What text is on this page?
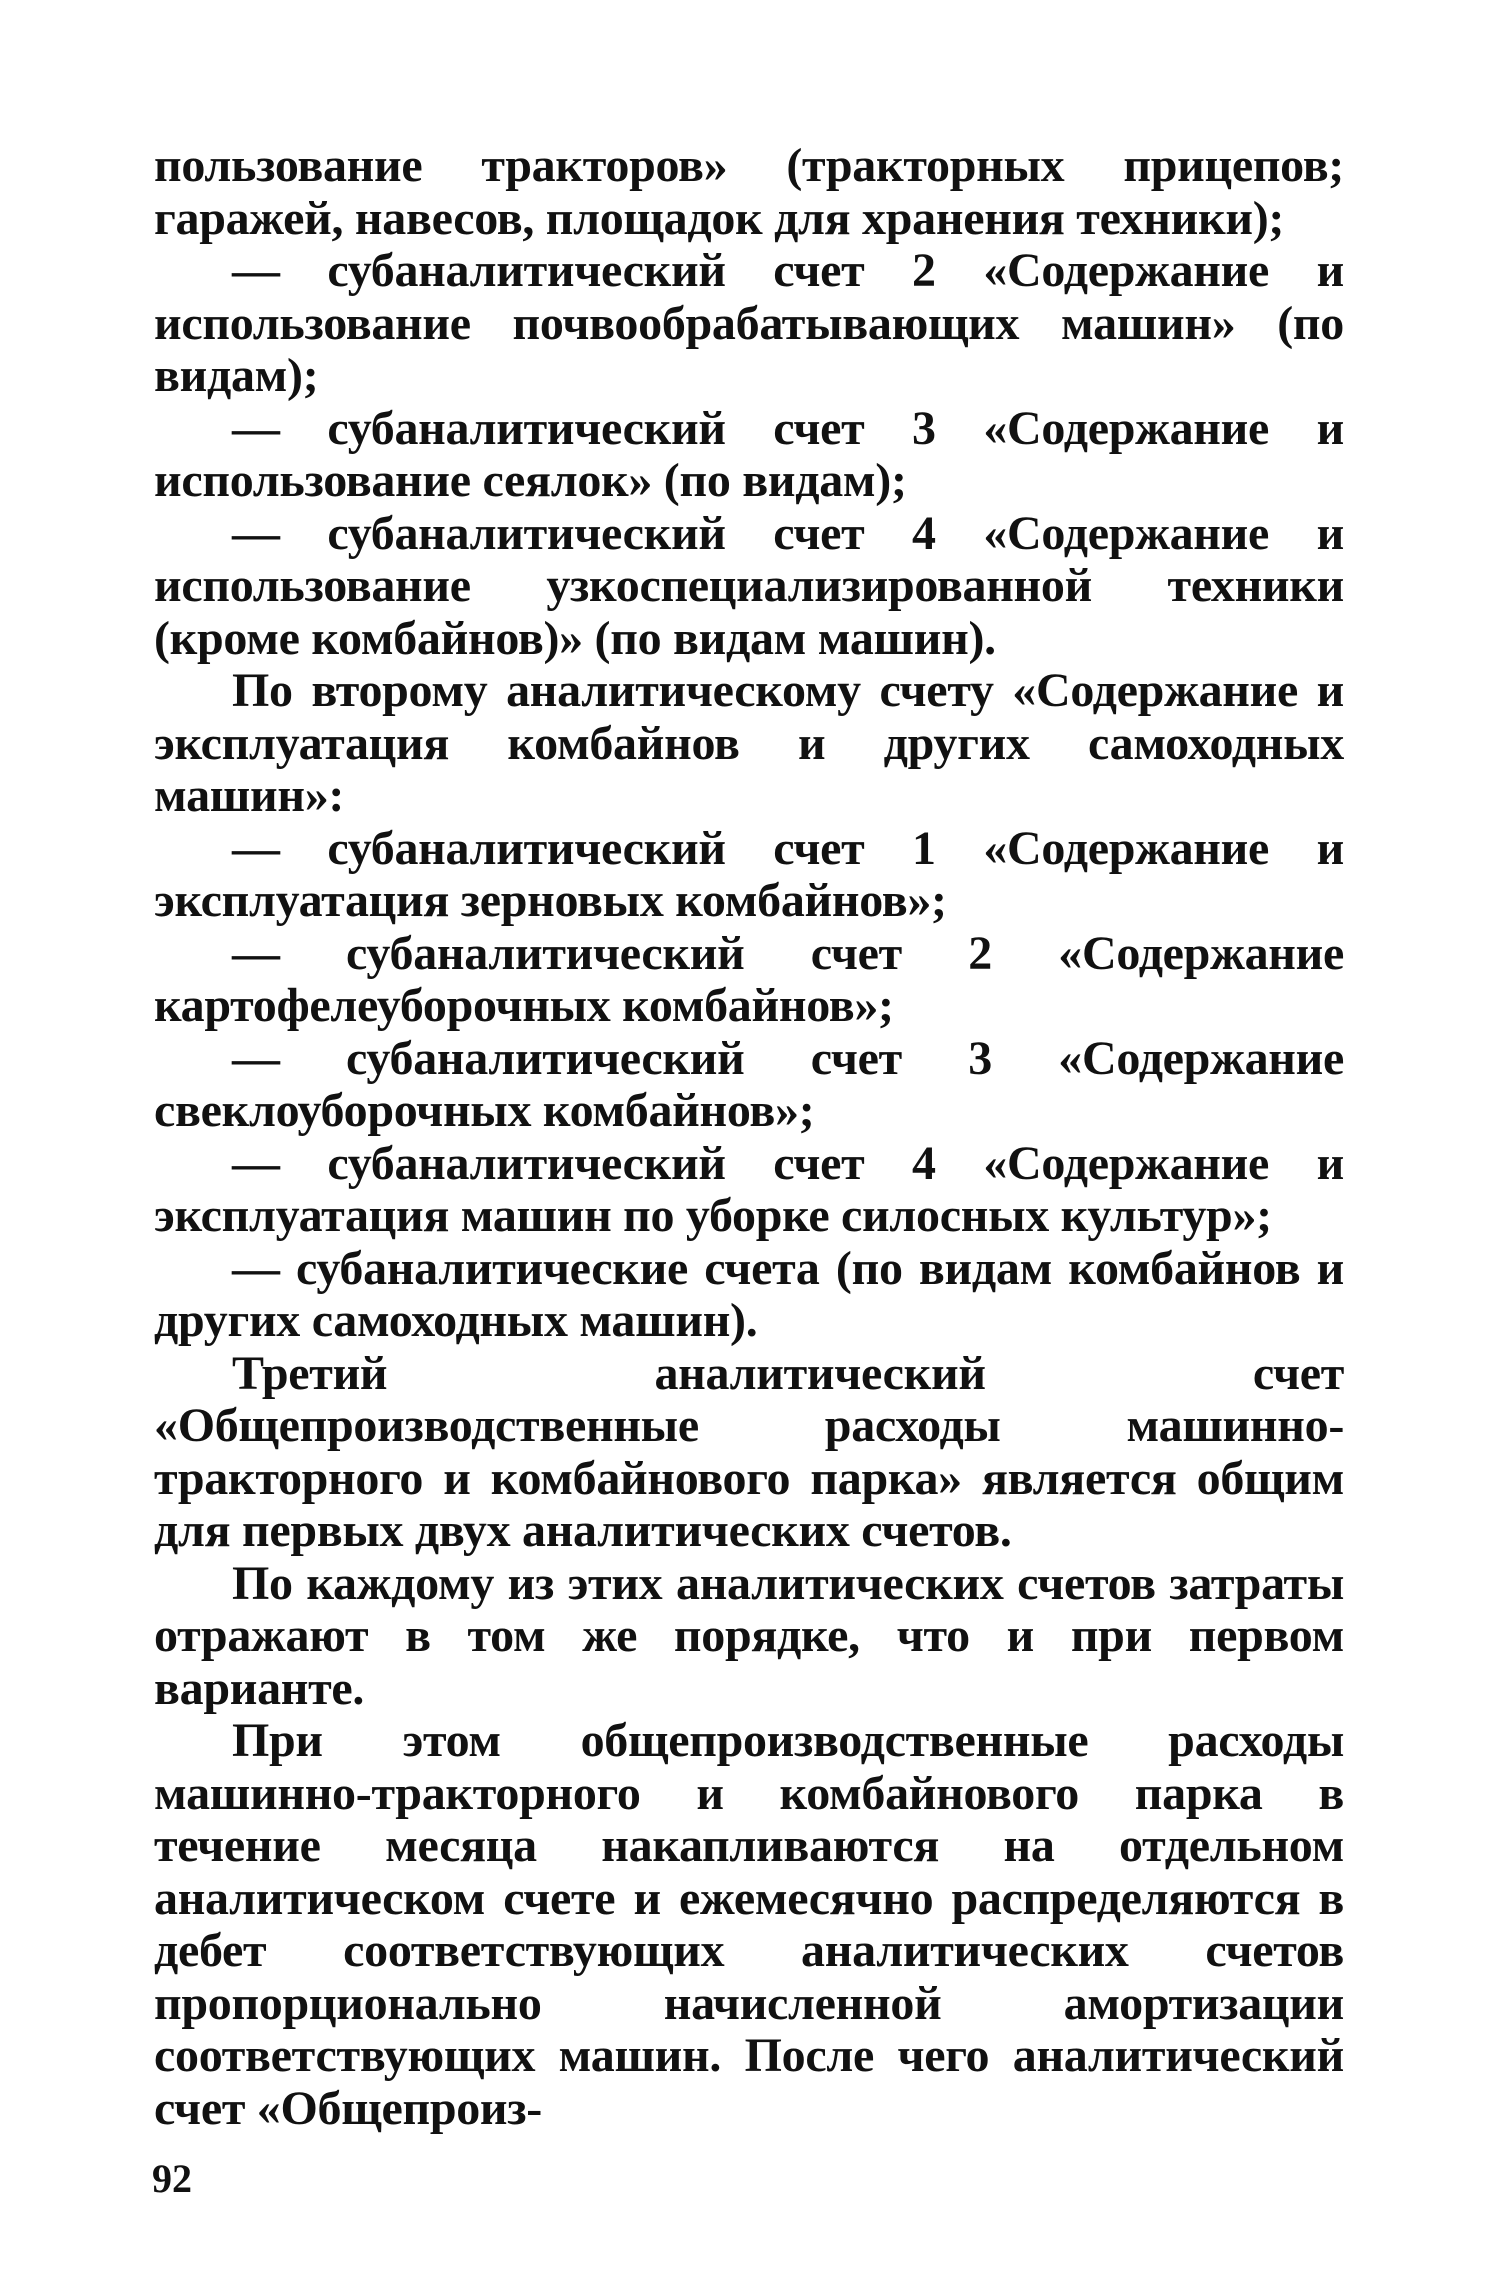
пользование тракторов» (тракторных прицепов; гаражей, навесов, площадок для хранения техники);

— субаналитический счет 2 «Содержание и использование почвообрабатывающих машин» (по видам);

— субаналитический счет 3 «Содержание и использование сеялок» (по видам);

— субаналитический счет 4 «Содержание и использование узкоспециализированной техники (кроме комбайнов)» (по видам машин).

По второму аналитическому счету «Содержание и эксплуатация комбайнов и других самоходных машин»:

— субаналитический счет 1 «Содержание и эксплуатация зерновых комбайнов»;

— субаналитический счет 2 «Содержание картофелеуборочных комбайнов»;

— субаналитический счет 3 «Содержание свеклоуборочных комбайнов»;

— субаналитический счет 4 «Содержание и эксплуатация машин по уборке силосных культур»;

— субаналитические счета (по видам комбайнов и других самоходных машин).

Третий аналитический счет «Общепроизводственные расходы машинно-тракторного и комбайнового парка» является общим для первых двух аналитических счетов.

По каждому из этих аналитических счетов затраты отражают в том же порядке, что и при первом варианте.

При этом общепроизводственные расходы машинно-тракторного и комбайнового парка в течение месяца накапливаются на отдельном аналитическом счете и ежемесячно распределяются в дебет соответствующих аналитических счетов пропорционально начисленной амортизации соответствующих машин. После чего аналитический счет «Общепроиз-

92
